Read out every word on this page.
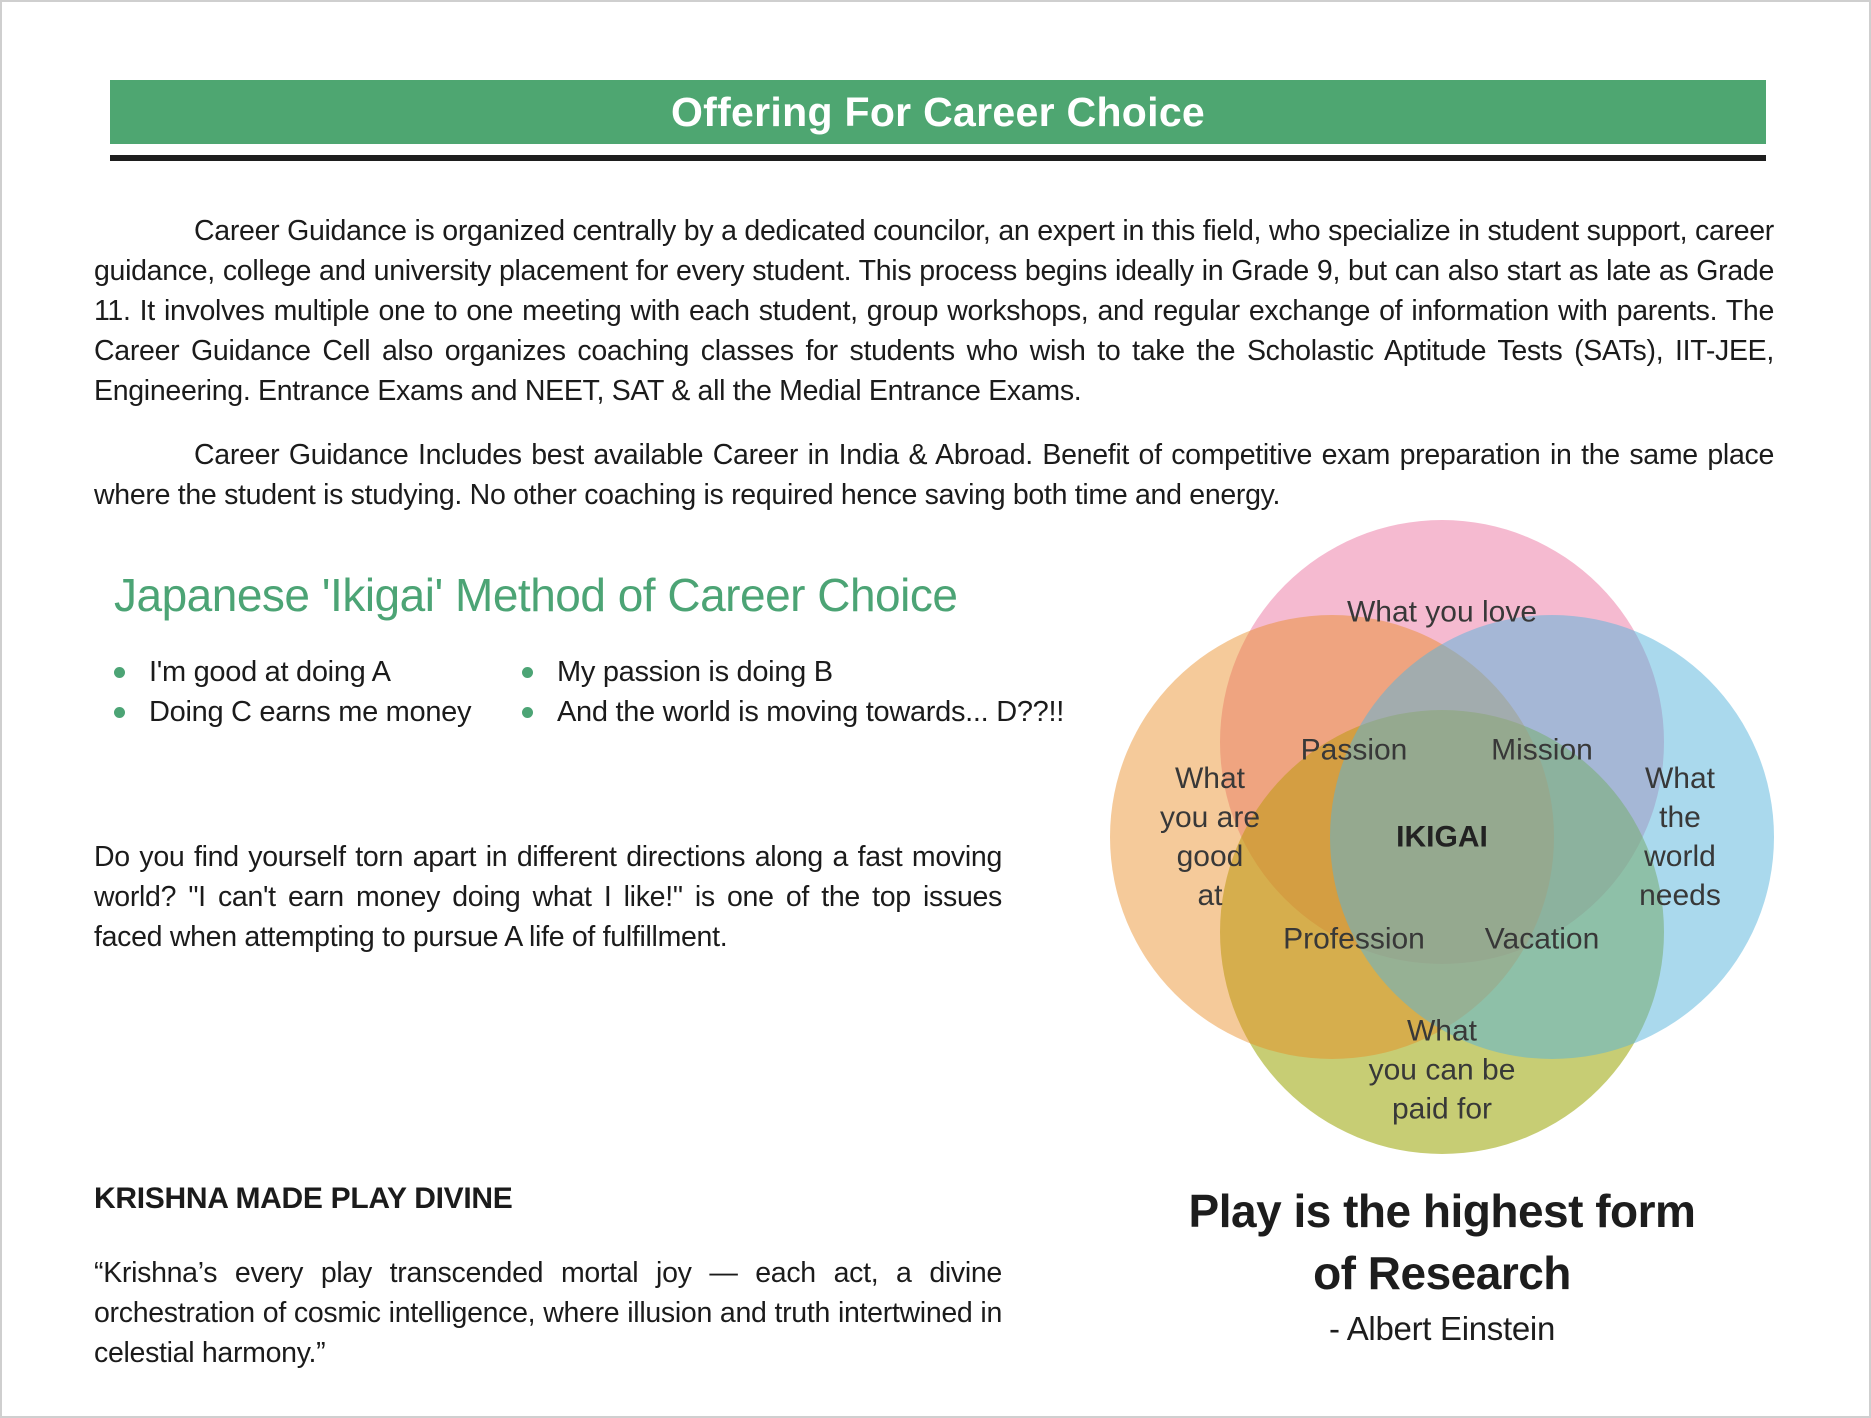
Offering For Career Choice

Career Guidance is organized centrally by a dedicated councilor, an expert in this field, who specialize in student support, career guidance, college and university placement for every student. This process begins ideally in Grade 9, but can also start as late as Grade 11. It involves multiple one to one meeting with each student, group workshops, and regular exchange of information with parents. The Career Guidance Cell also organizes coaching classes for students who wish to take the Scholastic Aptitude Tests (SATs), IIT-JEE, Engineering. Entrance Exams and NEET, SAT & all the Medial Entrance Exams.

Career Guidance Includes best available Career in India & Abroad. Benefit of competitive exam preparation in the same place where the student is studying. No other coaching is required hence saving both time and energy.

Japanese 'Ikigai' Method of Career Choice
I'm good at doing A
Doing C earns me money
My passion is doing B
And the world is moving towards... D??!!

Do you find yourself torn apart in different directions along a fast moving world? "I can't earn money doing what I like!" is one of the top issues faced when attempting to pursue A life of fulfillment.

KRISHNA MADE PLAY DIVINE

“Krishna’s every play transcended mortal joy — each act, a divine orchestration of cosmic intelligence, where illusion and truth intertwined in celestial harmony.”

What you love
Passion	Mission
What
you are
good
at
IKIGAI
What
the
world
needs
Profession Vacation
What
you can be
paid for
Play is the highest form
of Research
- Albert Einstein
